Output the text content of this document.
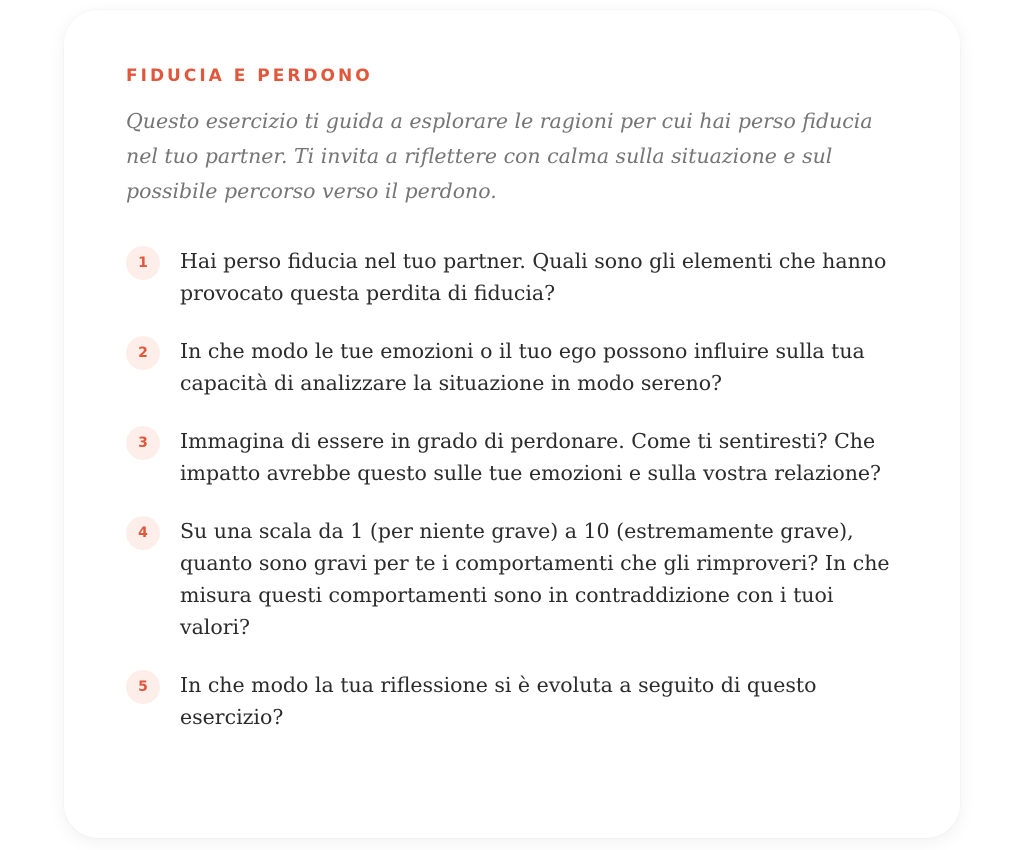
FIDUCIA E PERDONO

Questo esercizio ti guida a esplorare le ragioni per cui hai perso fiducia nel tuo partner. Ti invita a riflettere con calma sulla situazione e sul possibile percorso verso il perdono.

1	Hai perso fiducia nel tuo partner. Quali sono gli elementi che hanno provocato questa perdita di fiducia?

2	In che modo le tue emozioni o il tuo ego possono influire sulla tua capacità di analizzare la situazione in modo sereno?

3	Immagina di essere in grado di perdonare. Come ti sentiresti? Che impatto avrebbe questo sulle tue emozioni e sulla vostra relazione?

4	Su una scala da 1 (per niente grave) a 10 (estremamente grave), quanto sono gravi per te i comportamenti che gli rimproveri? In che misura questi comportamenti sono in contraddizione con i tuoi valori?

5	In che modo la tua riflessione si è evoluta a seguito di questo esercizio?
